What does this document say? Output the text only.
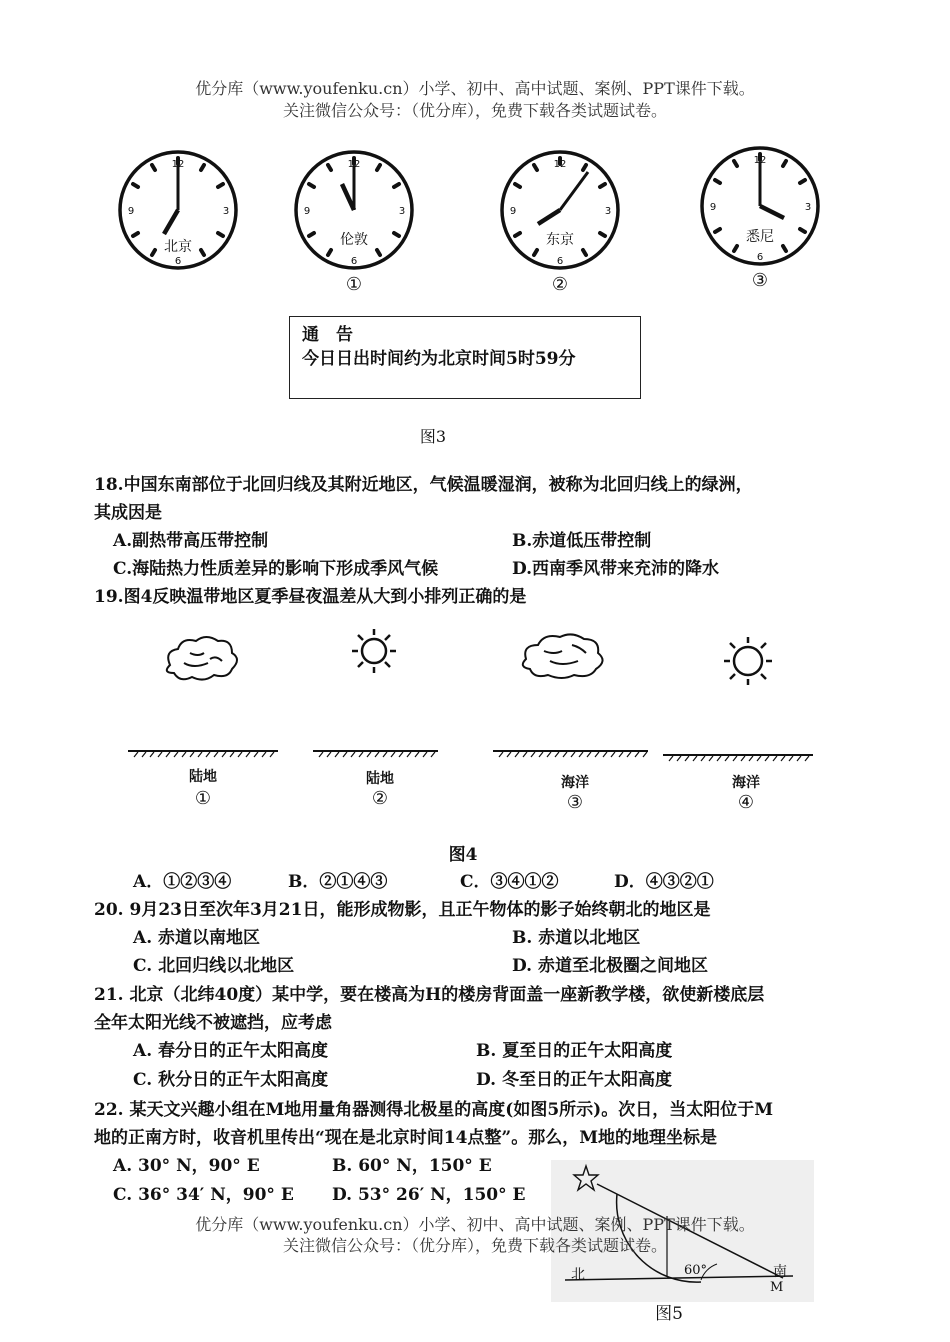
优分库（www.youfenku.cn）小学、初中、高中试题、案例、PPT课件下载。
关注微信公众号：（优分库），免费下载各类试题试卷。
12
3
6
9
12
3
6
9
12
3
6
9
12
3
6
9
北京	伦敦	东京	悉尼
①	②	③
通　告
今日日出时间约为北京时间5时59分
图3
18.中国东南部位于北回归线及其附近地区，气候温暖湿润，被称为北回归线上的绿洲，
其成因是
A.副热带高压带控制	B.赤道低压带控制
C.海陆热力性质差异的影响下形成季风气候	D.西南季风带来充沛的降水
19.图4反映温带地区夏季昼夜温差从大到小排列正确的是
陆地	陆地	海洋	海洋
①	②	③	④
图4
A．①②③④	B．②①④③	C．③④①②	D．④③②①
20. 9月23日至次年3月21日，能形成物影，且正午物体的影子始终朝北的地区是
A. 赤道以南地区	B. 赤道以北地区
C. 北回归线以北地区	D. 赤道至北极圈之间地区
21. 北京（北纬40度）某中学，要在楼高为H的楼房背面盖一座新教学楼，欲使新楼底层
全年太阳光线不被遮挡，应考虑
A. 春分日的正午太阳高度	B. 夏至日的正午太阳高度
C. 秋分日的正午太阳高度	D. 冬至日的正午太阳高度
22. 某天文兴趣小组在M地用量角器测得北极星的高度(如图5所示)。次日，当太阳位于M
地的正南方时，收音机里传出“现在是北京时间14点整”。那么，M地的地理坐标是
A. 30° N，90° E	B. 60° N，150° E
C. 36° 34′ N，90° E D. 53° 26′ N，150° E
北	南
M
60°
图5
优分库（www.youfenku.cn）小学、初中、高中试题、案例、PPT课件下载。
关注微信公众号：（优分库），免费下载各类试题试卷。
